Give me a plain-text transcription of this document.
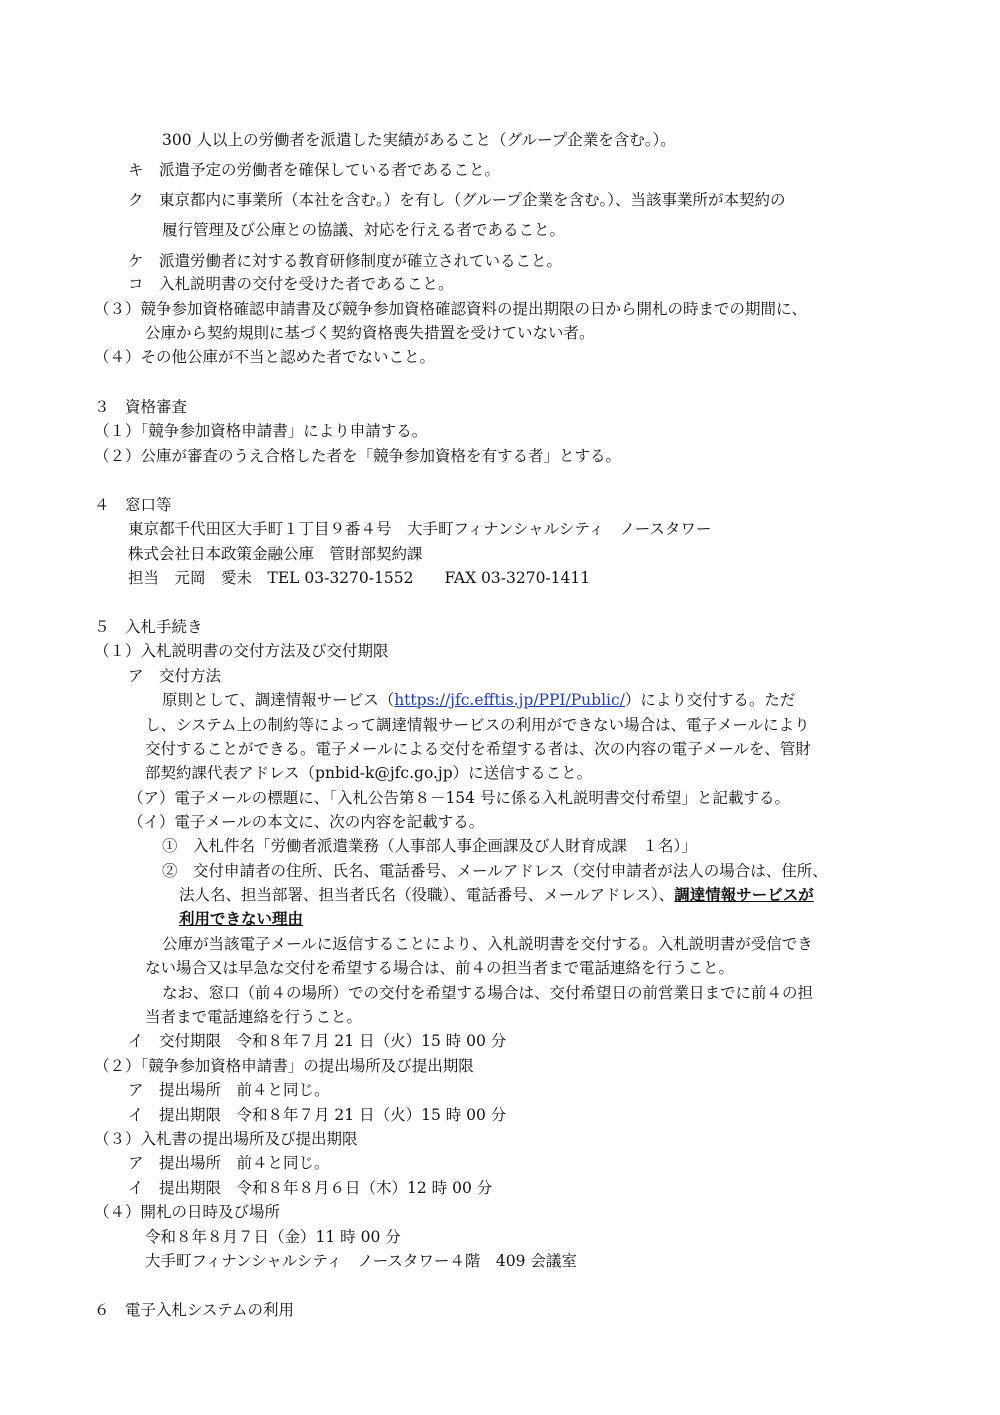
300 人以上の労働者を派遣した実績があること（グループ企業を含む。）。
キ　派遣予定の労働者を確保している者であること。
ク　東京都内に事業所（本社を含む。）を有し（グループ企業を含む。）、当該事業所が本契約の
履行管理及び公庫との協議、対応を行える者であること。
ケ　派遣労働者に対する教育研修制度が確立されていること。
コ　入札説明書の交付を受けた者であること。
（３）競争参加資格確認申請書及び競争参加資格確認資料の提出期限の日から開札の時までの期間に、
公庫から契約規則に基づく契約資格喪失措置を受けていない者。
（４）その他公庫が不当と認めた者でないこと。
３　資格審査
（１）「競争参加資格申請書」により申請する。
（２）公庫が審査のうえ合格した者を「競争参加資格を有する者」とする。
４　窓口等
東京都千代田区大手町１丁目９番４号　大手町フィナンシャルシティ　ノースタワー
株式会社日本政策金融公庫　管財部契約課
担当　元岡　愛未　TEL 03-3270-1552　　FAX 03-3270-1411
５　入札手続き
（１）入札説明書の交付方法及び交付期限
ア　交付方法
原則として、調達情報サービス（https://jfc.efftis.jp/PPI/Public/）により交付する。ただ
し、システム上の制約等によって調達情報サービスの利用ができない場合は、電子メールにより
交付することができる。電子メールによる交付を希望する者は、次の内容の電子メールを、管財
部契約課代表アドレス（pnbid-k@jfc.go.jp）に送信すること。
（ア）電子メールの標題に、「入札公告第８－154 号に係る入札説明書交付希望」と記載する。
（イ）電子メールの本文に、次の内容を記載する。
①　入札件名「労働者派遣業務（人事部人事企画課及び人財育成課　１名）」
②　交付申請者の住所、氏名、電話番号、メールアドレス（交付申請者が法人の場合は、住所、
法人名、担当部署、担当者氏名（役職）、電話番号、メールアドレス）、調達情報サービスが
利用できない理由
公庫が当該電子メールに返信することにより、入札説明書を交付する。入札説明書が受信でき
ない場合又は早急な交付を希望する場合は、前４の担当者まで電話連絡を行うこと。
なお、窓口（前４の場所）での交付を希望する場合は、交付希望日の前営業日までに前４の担
当者まで電話連絡を行うこと。
イ　交付期限　令和８年７月 21 日（火）15 時 00 分
（２）「競争参加資格申請書」の提出場所及び提出期限
ア　提出場所　前４と同じ。
イ　提出期限　令和８年７月 21 日（火）15 時 00 分
（３）入札書の提出場所及び提出期限
ア　提出場所　前４と同じ。
イ　提出期限　令和８年８月６日（木）12 時 00 分
（４）開札の日時及び場所
令和８年８月７日（金）11 時 00 分
大手町フィナンシャルシティ　ノースタワー４階　409 会議室
６　電子入札システムの利用
